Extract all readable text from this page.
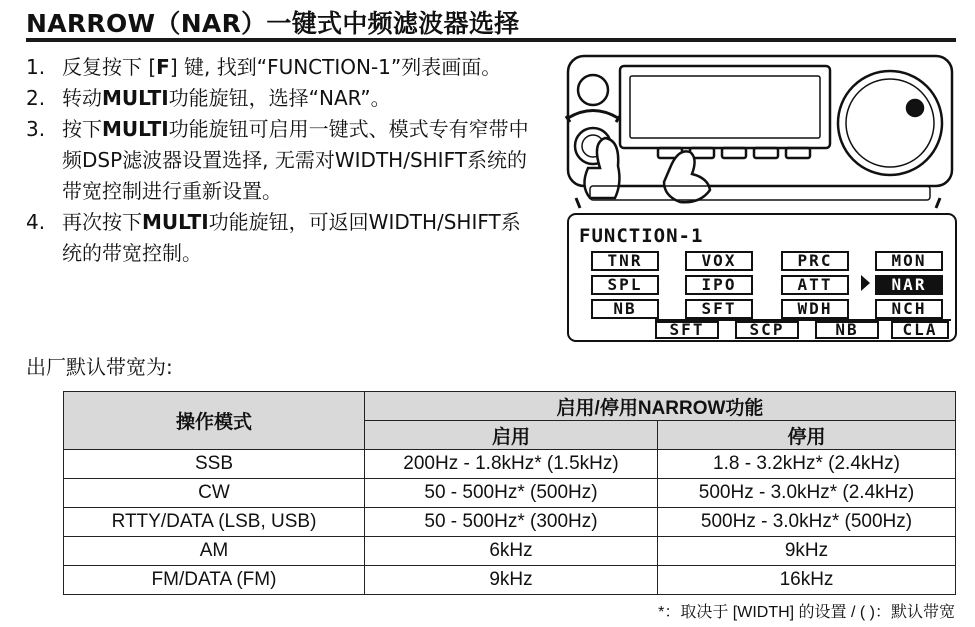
NARROW（NAR）一键式中频滤波器选择
1. 反复按下 [F] 键, 找到“FUNCTION-1”列表画面。
2. 转动MULTI功能旋钮，选择“NAR”。
3. 按下MULTI功能旋钮可启用一键式、模式专有窄带中频DSP滤波器设置选择, 无需对WIDTH/SHIFT系统的带宽控制进行重新设置。
4. 再次按下MULTI功能旋钮，可返回WIDTH/SHIFT系统的带宽控制。
出厂默认带宽为:
FUNCTION-1
TNR	VOX	PRC	MON
SPL	IPO	ATT	NAR
NB	SFT	WDH	NCH
SFT	SCP	NB	CLA
操作模式	启用/停用NARROW功能	
	启用	停用
SSB	200Hz - 1.8kHz* (1.5kHz)	1.8 - 3.2kHz* (2.4kHz)
CW	50 - 500Hz* (500Hz)	500Hz - 3.0kHz* (2.4kHz)
RTTY/DATA (LSB, USB)	50 - 500Hz* (300Hz)	500Hz - 3.0kHz* (500Hz)
AM	6kHz	9kHz
FM/DATA (FM)	9kHz	16kHz
*：取决于 [WIDTH] 的设置 / ( )：默认带宽
